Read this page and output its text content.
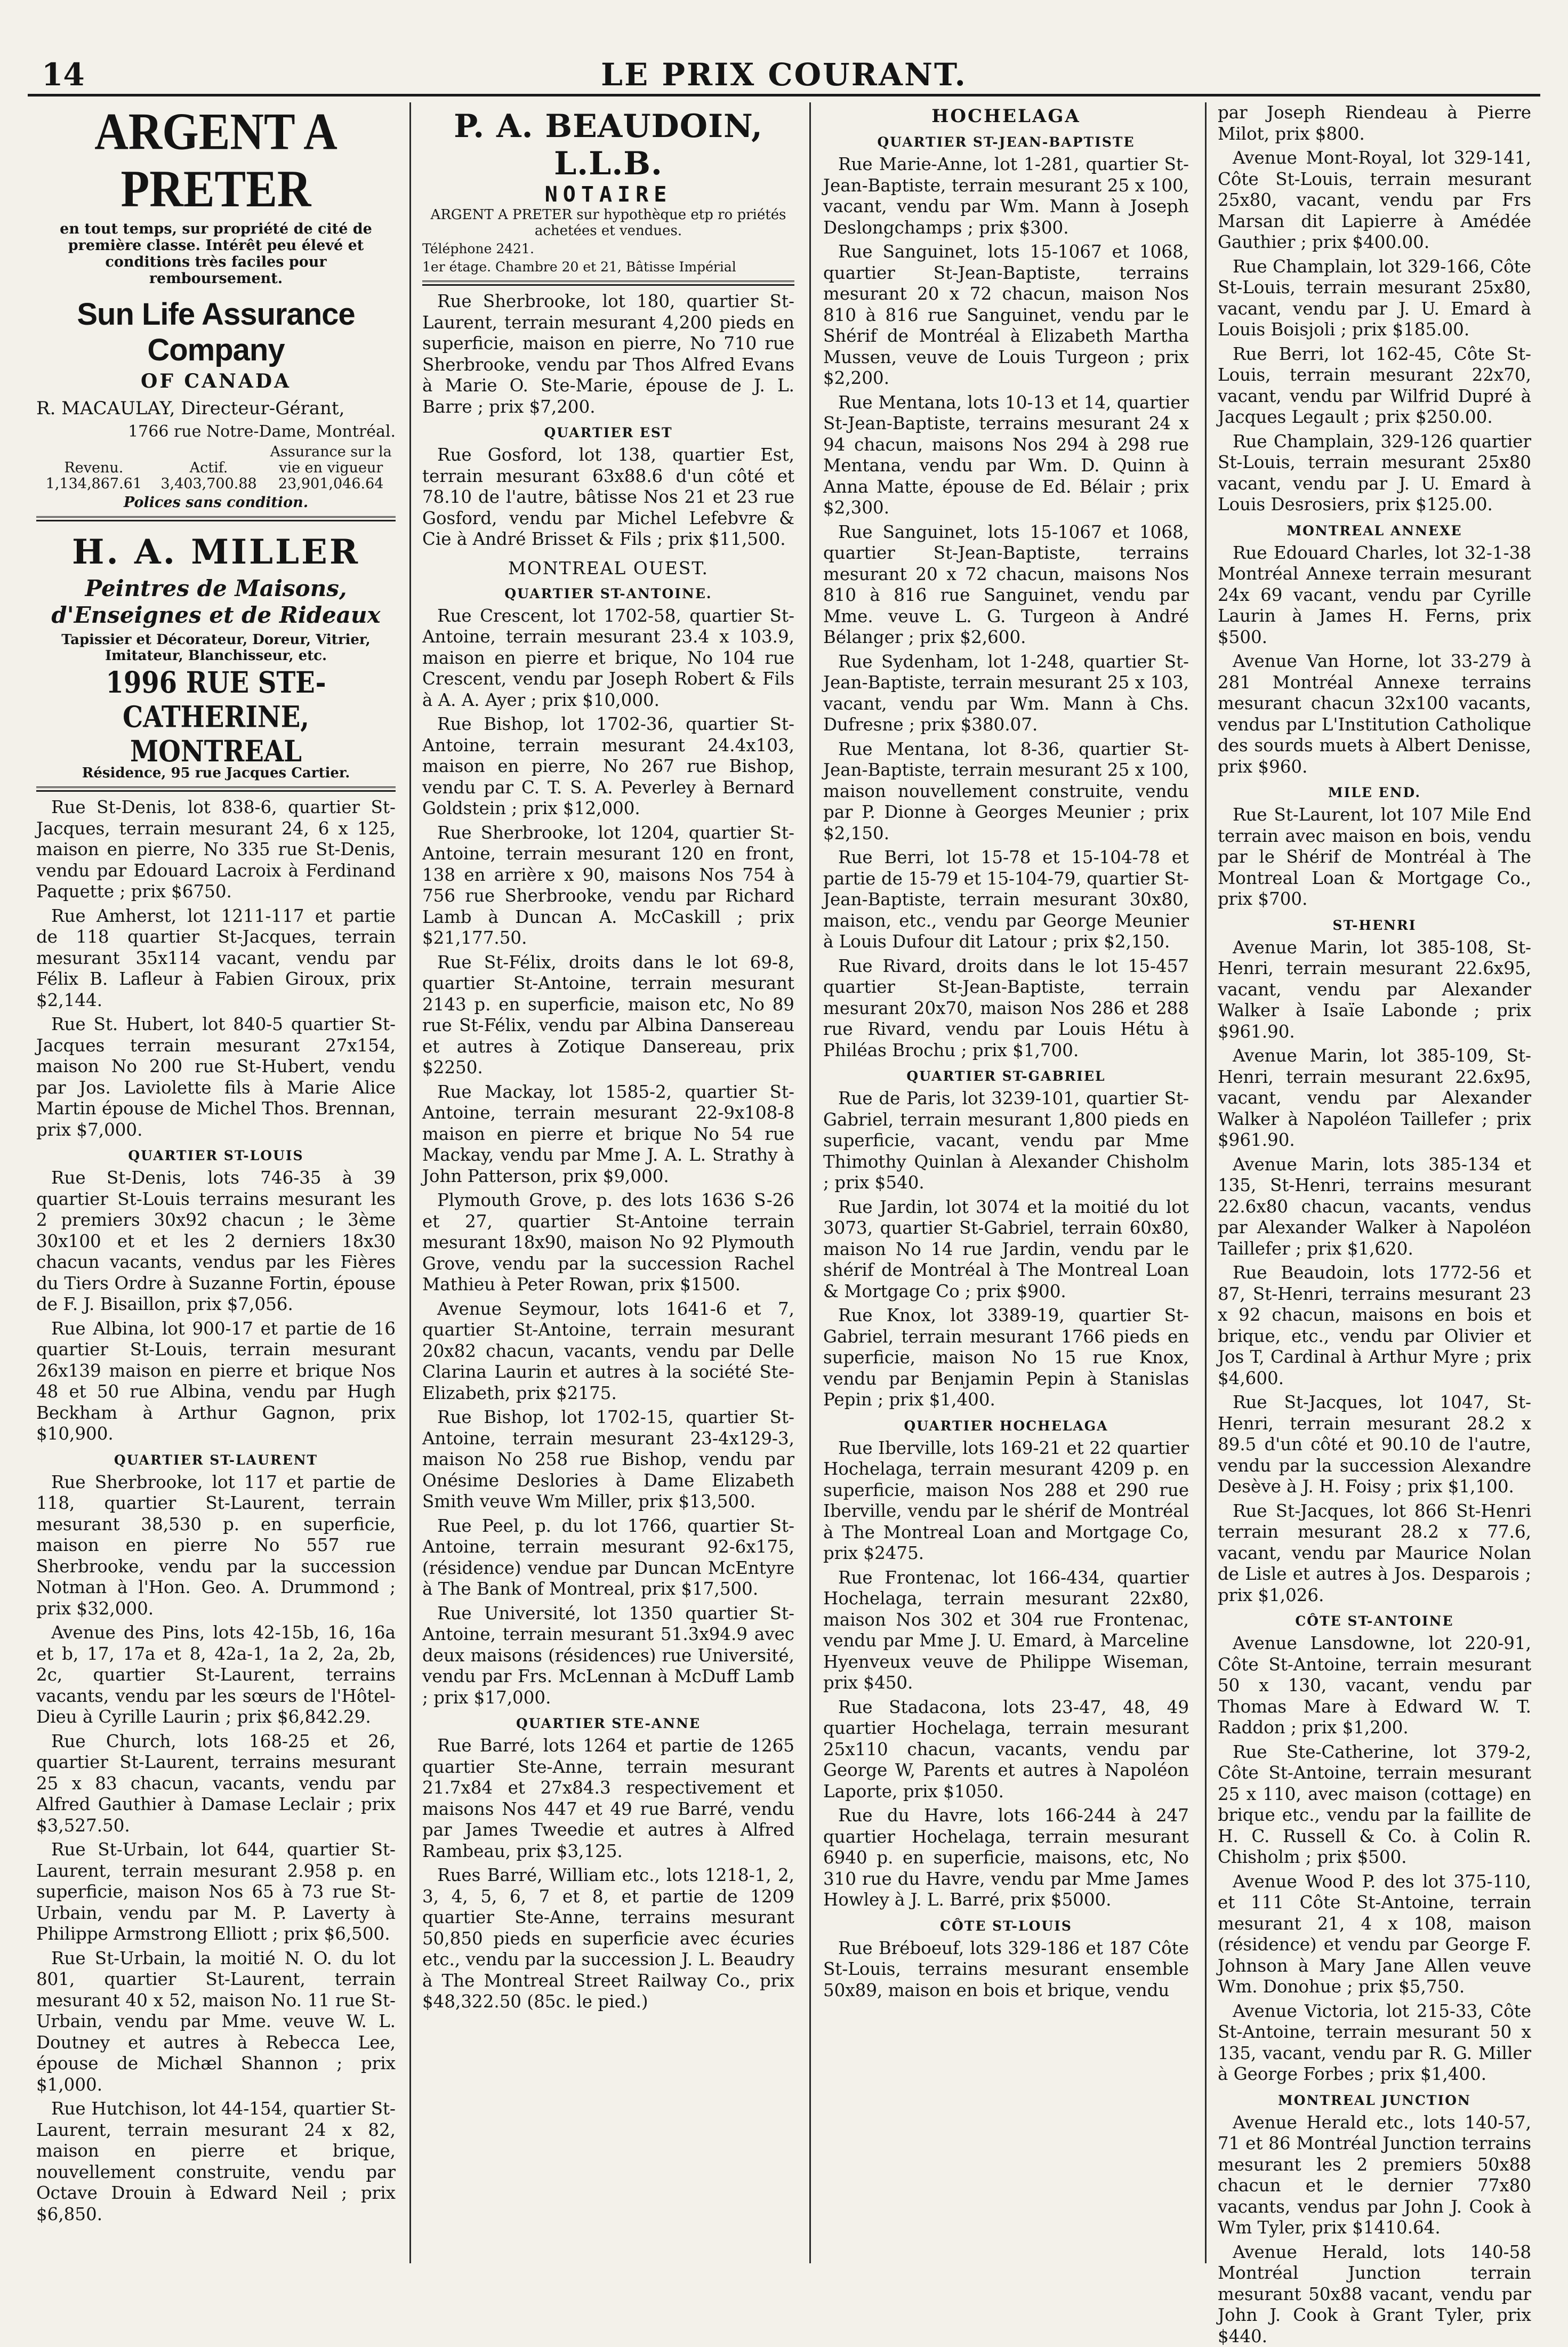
14	LE PRIX COURANT.
ARGENT A PRETER
en tout temps, sur propriété de cité de première classe. Intérêt peu élevé et conditions très faciles pour remboursement.
Sun Life Assurance Company
OF CANADA
R. MACAULAY, Directeur-Gérant,
1766 rue Notre-Dame, Montréal.
Revenu.	Actif.	Assurance sur la vie en vigueur
1,134,867.61	3,403,700.88	23,901,046.64
Polices sans condition.
H. A. MILLER
Peintres de Maisons, d'Enseignes et de Rideaux
Tapissier et Décorateur, Doreur, Vitrier, Imitateur, Blanchisseur, etc.
1996 RUE STE-CATHERINE, MONTREAL
Résidence, 95 rue Jacques Cartier.

Rue St-Denis, lot 838-6, quartier St-Jacques, terrain mesurant 24, 6 x 125, maison en pierre, No 335 rue St-Denis, vendu par Edouard Lacroix à Ferdinand Paquette ; prix $6750.

Rue Amherst, lot 1211-117 et partie de 118 quartier St-Jacques, terrain mesurant 35x114 vacant, vendu par Félix B. Lafleur à Fabien Giroux, prix $2,144.

Rue St. Hubert, lot 840-5 quartier St-Jacques terrain mesurant 27x154, maison No 200 rue St-Hubert, vendu par Jos. Laviolette fils à Marie Alice Martin épouse de Michel Thos. Brennan, prix $7,000.

QUARTIER ST-LOUIS

Rue St-Denis, lots 746-35 à 39 quartier St-Louis terrains mesurant les 2 premiers 30x92 chacun ; le 3ème 30x100 et et les 2 derniers 18x30 chacun vacants, vendus par les Fières du Tiers Ordre à Suzanne Fortin, épouse de F. J. Bisaillon, prix $7,056.

Rue Albina, lot 900-17 et partie de 16 quartier St-Louis, terrain mesurant 26x139 maison en pierre et brique Nos 48 et 50 rue Albina, vendu par Hugh Beckham à Arthur Gagnon, prix $10,900.

QUARTIER ST-LAURENT

Rue Sherbrooke, lot 117 et partie de 118, quartier St-Laurent, terrain mesurant 38,530 p. en superficie, maison en pierre No 557 rue Sherbrooke, vendu par la succession Notman à l'Hon. Geo. A. Drummond ; prix $32,000.

Avenue des Pins, lots 42-15b, 16, 16a et b, 17, 17a et 8, 42a-1, 1a 2, 2a, 2b, 2c, quartier St-Laurent, terrains vacants, vendu par les sœurs de l'Hôtel-Dieu à Cyrille Laurin ; prix $6,842.29.

Rue Church, lots 168-25 et 26, quartier St-Laurent, terrains mesurant 25 x 83 chacun, vacants, vendu par Alfred Gauthier à Damase Leclair ; prix $3,527.50.

Rue St-Urbain, lot 644, quartier St-Laurent, terrain mesurant 2.958 p. en superficie, maison Nos 65 à 73 rue St-Urbain, vendu par M. P. Laverty à Philippe Armstrong Elliott ; prix $6,500.

Rue St-Urbain, la moitié N. O. du lot 801, quartier St-Laurent, terrain mesurant 40 x 52, maison No. 11 rue St-Urbain, vendu par Mme. veuve W. L. Doutney et autres à Rebecca Lee, épouse de Michæl Shannon ; prix $1,000.

Rue Hutchison, lot 44-154, quartier St-Laurent, terrain mesurant 24 x 82, maison en pierre et brique, nouvellement construite, vendu par Octave Drouin à Edward Neil ; prix $6,850.

P. A. BEAUDOIN, L.L.B.
NOTAIRE
ARGENT A PRETER sur hypothèque etp ro priétés achetées et vendues.
Téléphone 2421.
1er étage. Chambre 20 et 21, Bâtisse Impérial

Rue Sherbrooke, lot 180, quartier St-Laurent, terrain mesurant 4,200 pieds en superficie, maison en pierre, No 710 rue Sherbrooke, vendu par Thos Alfred Evans à Marie O. Ste-Marie, épouse de J. L. Barre ; prix $7,200.

QUARTIER EST

Rue Gosford, lot 138, quartier Est, terrain mesurant 63x88.6 d'un côté et 78.10 de l'autre, bâtisse Nos 21 et 23 rue Gosford, vendu par Michel Lefebvre & Cie à André Brisset & Fils ; prix $11,500.

MONTREAL OUEST.
QUARTIER ST-ANTOINE.

Rue Crescent, lot 1702-58, quartier St-Antoine, terrain mesurant 23.4 x 103.9, maison en pierre et brique, No 104 rue Crescent, vendu par Joseph Robert & Fils à A. A. Ayer ; prix $10,000.

Rue Bishop, lot 1702-36, quartier St-Antoine, terrain mesurant 24.4x103, maison en pierre, No 267 rue Bishop, vendu par C. T. S. A. Peverley à Bernard Goldstein ; prix $12,000.

Rue Sherbrooke, lot 1204, quartier St-Antoine, terrain mesurant 120 en front, 138 en arrière x 90, maisons Nos 754 à 756 rue Sherbrooke, vendu par Richard Lamb à Duncan A. McCaskill ; prix $21,177.50.

Rue St-Félix, droits dans le lot 69-8, quartier St-Antoine, terrain mesurant 2143 p. en superficie, maison etc, No 89 rue St-Félix, vendu par Albina Dansereau et autres à Zotique Dansereau, prix $2250.

Rue Mackay, lot 1585-2, quartier St-Antoine, terrain mesurant 22-9x108-8 maison en pierre et brique No 54 rue Mackay, vendu par Mme J. A. L. Strathy à John Patterson, prix $9,000.

Plymouth Grove, p. des lots 1636 S-26 et 27, quartier St-Antoine terrain mesurant 18x90, maison No 92 Plymouth Grove, vendu par la succession Rachel Mathieu à Peter Rowan, prix $1500.

Avenue Seymour, lots 1641-6 et 7, quartier St-Antoine, terrain mesurant 20x82 chacun, vacants, vendu par Delle Clarina Laurin et autres à la société Ste-Elizabeth, prix $2175.

Rue Bishop, lot 1702-15, quartier St-Antoine, terrain mesurant 23-4x129-3, maison No 258 rue Bishop, vendu par Onésime Deslories à Dame Elizabeth Smith veuve Wm Miller, prix $13,500.

Rue Peel, p. du lot 1766, quartier St-Antoine, terrain mesurant 92-6x175, (résidence) vendue par Duncan McEntyre à The Bank of Montreal, prix $17,500.

Rue Université, lot 1350 quartier St-Antoine, terrain mesurant 51.3x94.9 avec deux maisons (résidences) rue Université, vendu par Frs. McLennan à McDuff Lamb ; prix $17,000.

QUARTIER STE-ANNE

Rue Barré, lots 1264 et partie de 1265 quartier Ste-Anne, terrain mesurant 21.7x84 et 27x84.3 respectivement et maisons Nos 447 et 49 rue Barré, vendu par James Tweedie et autres à Alfred Rambeau, prix $3,125.

Rues Barré, William etc., lots 1218-1, 2, 3, 4, 5, 6, 7 et 8, et partie de 1209 quartier Ste-Anne, terrains mesurant 50,850 pieds en superficie avec écuries etc., vendu par la succession J. L. Beaudry à The Montreal Street Railway Co., prix $48,322.50 (85c. le pied.)

HOCHELAGA
QUARTIER ST-JEAN-BAPTISTE

Rue Marie-Anne, lot 1-281, quartier St-Jean-Baptiste, terrain mesurant 25 x 100, vacant, vendu par Wm. Mann à Joseph Deslongchamps ; prix $300.

Rue Sanguinet, lots 15-1067 et 1068, quartier St-Jean-Baptiste, terrains mesurant 20 x 72 chacun, maison Nos 810 à 816 rue Sanguinet, vendu par le Shérif de Montréal à Elizabeth Martha Mussen, veuve de Louis Turgeon ; prix $2,200.

Rue Mentana, lots 10-13 et 14, quartier St-Jean-Baptiste, terrains mesurant 24 x 94 chacun, maisons Nos 294 à 298 rue Mentana, vendu par Wm. D. Quinn à Anna Matte, épouse de Ed. Bélair ; prix $2,300.

Rue Sanguinet, lots 15-1067 et 1068, quartier St-Jean-Baptiste, terrains mesurant 20 x 72 chacun, maisons Nos 810 à 816 rue Sanguinet, vendu par Mme. veuve L. G. Turgeon à André Bélanger ; prix $2,600.

Rue Sydenham, lot 1-248, quartier St-Jean-Baptiste, terrain mesurant 25 x 103, vacant, vendu par Wm. Mann à Chs. Dufresne ; prix $380.07.

Rue Mentana, lot 8-36, quartier St-Jean-Baptiste, terrain mesurant 25 x 100, maison nouvellement construite, vendu par P. Dionne à Georges Meunier ; prix $2,150.

Rue Berri, lot 15-78 et 15-104-78 et partie de 15-79 et 15-104-79, quartier St-Jean-Baptiste, terrain mesurant 30x80, maison, etc., vendu par George Meunier à Louis Dufour dit Latour ; prix $2,150.

Rue Rivard, droits dans le lot 15-457 quartier St-Jean-Baptiste, terrain mesurant 20x70, maison Nos 286 et 288 rue Rivard, vendu par Louis Hétu à Philéas Brochu ; prix $1,700.

QUARTIER ST-GABRIEL

Rue de Paris, lot 3239-101, quartier St-Gabriel, terrain mesurant 1,800 pieds en superficie, vacant, vendu par Mme Thimothy Quinlan à Alexander Chisholm ; prix $540.

Rue Jardin, lot 3074 et la moitié du lot 3073, quartier St-Gabriel, terrain 60x80, maison No 14 rue Jardin, vendu par le shérif de Montréal à The Montreal Loan & Mortgage Co ; prix $900.

Rue Knox, lot 3389-19, quartier St-Gabriel, terrain mesurant 1766 pieds en superficie, maison No 15 rue Knox, vendu par Benjamin Pepin à Stanislas Pepin ; prix $1,400.

QUARTIER HOCHELAGA

Rue Iberville, lots 169-21 et 22 quartier Hochelaga, terrain mesurant 4209 p. en superficie, maison Nos 288 et 290 rue Iberville, vendu par le shérif de Montréal à The Montreal Loan and Mortgage Co, prix $2475.

Rue Frontenac, lot 166-434, quartier Hochelaga, terrain mesurant 22x80, maison Nos 302 et 304 rue Frontenac, vendu par Mme J. U. Emard, à Marceline Hyenveux veuve de Philippe Wiseman, prix $450.

Rue Stadacona, lots 23-47, 48, 49 quartier Hochelaga, terrain mesurant 25x110 chacun, vacants, vendu par George W, Parents et autres à Napoléon Laporte, prix $1050.

Rue du Havre, lots 166-244 à 247 quartier Hochelaga, terrain mesurant 6940 p. en superficie, maisons, etc, No 310 rue du Havre, vendu par Mme James Howley à J. L. Barré, prix $5000.

CÔTE ST-LOUIS

Rue Bréboeuf, lots 329-186 et 187 Côte St-Louis, terrains mesurant ensemble 50x89, maison en bois et brique, vendu

par Joseph Riendeau à Pierre Milot, prix $800.

Avenue Mont-Royal, lot 329-141, Côte St-Louis, terrain mesurant 25x80, vacant, vendu par Frs Marsan dit Lapierre à Amédée Gauthier ; prix $400.00.

Rue Champlain, lot 329-166, Côte St-Louis, terrain mesurant 25x80, vacant, vendu par J. U. Emard à Louis Boisjoli ; prix $185.00.

Rue Berri, lot 162-45, Côte St-Louis, terrain mesurant 22x70, vacant, vendu par Wilfrid Dupré à Jacques Legault ; prix $250.00.

Rue Champlain, 329-126 quartier St-Louis, terrain mesurant 25x80 vacant, vendu par J. U. Emard à Louis Desrosiers, prix $125.00.

MONTREAL ANNEXE

Rue Edouard Charles, lot 32-1-38 Montréal Annexe terrain mesurant 24x 69 vacant, vendu par Cyrille Laurin à James H. Ferns, prix $500.

Avenue Van Horne, lot 33-279 à 281 Montréal Annexe terrains mesurant chacun 32x100 vacants, vendus par L'Institution Catholique des sourds muets à Albert Denisse, prix $960.

MILE END.

Rue St-Laurent, lot 107 Mile End terrain avec maison en bois, vendu par le Shérif de Montréal à The Montreal Loan & Mortgage Co., prix $700.

ST-HENRI

Avenue Marin, lot 385-108, St-Henri, terrain mesurant 22.6x95, vacant, vendu par Alexander Walker à Isaïe Labonde ; prix $961.90.

Avenue Marin, lot 385-109, St-Henri, terrain mesurant 22.6x95, vacant, vendu par Alexander Walker à Napoléon Taillefer ; prix $961.90.

Avenue Marin, lots 385-134 et 135, St-Henri, terrains mesurant 22.6x80 chacun, vacants, vendus par Alexander Walker à Napoléon Taillefer ; prix $1,620.

Rue Beaudoin, lots 1772-56 et 87, St-Henri, terrains mesurant 23 x 92 chacun, maisons en bois et brique, etc., vendu par Olivier et Jos T, Cardinal à Arthur Myre ; prix $4,600.

Rue St-Jacques, lot 1047, St-Henri, terrain mesurant 28.2 x 89.5 d'un côté et 90.10 de l'autre, vendu par la succession Alexandre Desève à J. H. Foisy ; prix $1,100.

Rue St-Jacques, lot 866 St-Henri terrain mesurant 28.2 x 77.6, vacant, vendu par Maurice Nolan de Lisle et autres à Jos. Desparois ; prix $1,026.

CÔTE ST-ANTOINE

Avenue Lansdowne, lot 220-91, Côte St-Antoine, terrain mesurant 50 x 130, vacant, vendu par Thomas Mare à Edward W. T. Raddon ; prix $1,200.

Rue Ste-Catherine, lot 379-2, Côte St-Antoine, terrain mesurant 25 x 110, avec maison (cottage) en brique etc., vendu par la faillite de H. C. Russell & Co. à Colin R. Chisholm ; prix $500.

Avenue Wood P. des lot 375-110, et 111 Côte St-Antoine, terrain mesurant 21, 4 x 108, maison (résidence) et vendu par George F. Johnson à Mary Jane Allen veuve Wm. Donohue ; prix $5,750.

Avenue Victoria, lot 215-33, Côte St-Antoine, terrain mesurant 50 x 135, vacant, vendu par R. G. Miller à George Forbes ; prix $1,400.

MONTREAL JUNCTION

Avenue Herald etc., lots 140-57, 71 et 86 Montréal Junction terrains mesurant les 2 premiers 50x88 chacun et le dernier 77x80 vacants, vendus par John J. Cook à Wm Tyler, prix $1410.64.

Avenue Herald, lots 140-58 Montréal Junction terrain mesurant 50x88 vacant, vendu par John J. Cook à Grant Tyler, prix $440.
